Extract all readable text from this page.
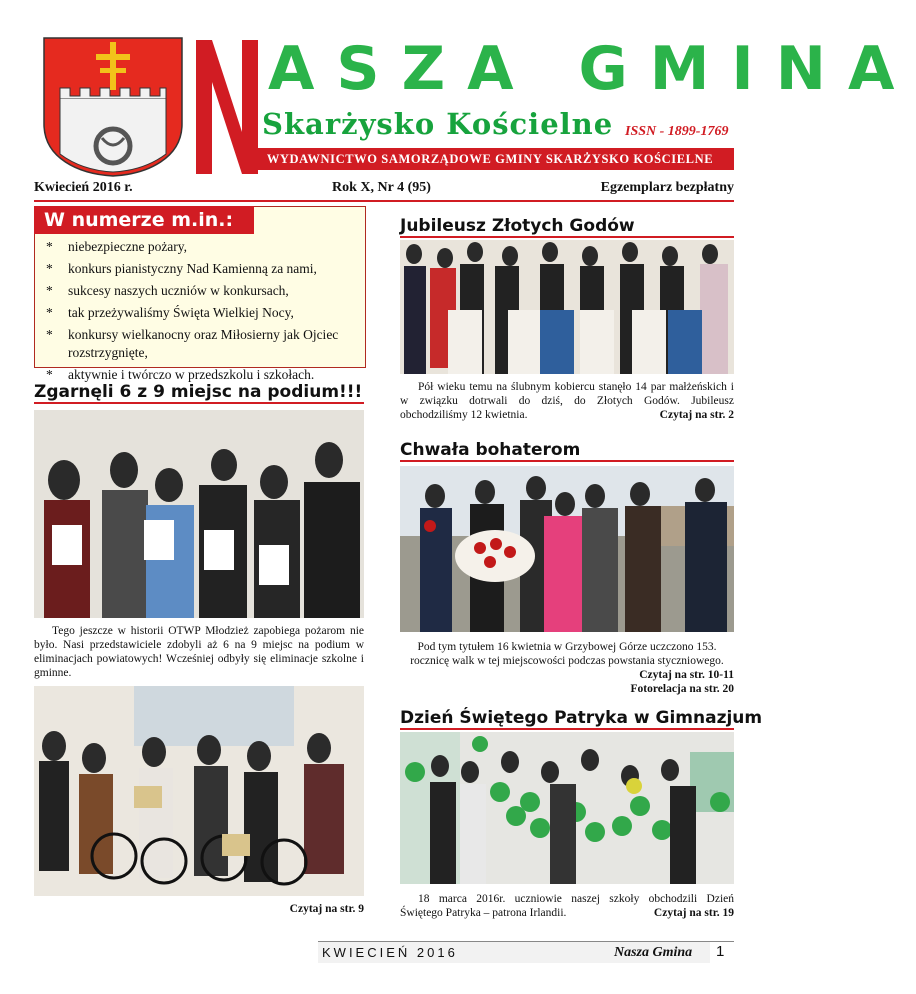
ASZA GMINA
Skarżysko Kościelne ISSN - 1899-1769
WYDAWNICTWO SAMORZĄDOWE GMINY SKARŻYSKO KOŚCIELNE
Kwiecień 2016 r.	Rok X, Nr 4 (95)	Egzemplarz bezpłatny
W numerze m.in.:
* niebezpieczne pożary,
* konkurs pianistyczny Nad Kamienną za nami,
* sukcesy naszych uczniów w konkursach,
* tak przeżywaliśmy Święta Wielkiej Nocy,
* konkursy wielkanocny oraz Miłosierny jak Ojciec rozstrzygnięte,
* aktywnie i twórczo w przedszkolu i szkołach.
Zgarnęli 6 z 9 miejsc na podium!!!
Tego jeszcze w historii OTWP Młodzież zapobiega pożarom nie było. Nasi przedstawiciele zdobyli aż 6 na 9 miejsc na podium w eliminacjach powiatowych! Wcześniej odbyły się eliminacje szkolne i gminne.
Czytaj na str. 9
Jubileusz Złotych Godów
Pół wieku temu na ślubnym kobiercu stanęło 14 par małżeńskich i w związku dotrwali do dziś, do Złotych Godów. Jubileusz obchodziliśmy 12 kwietnia.	Czytaj na str. 2
Chwała bohaterom
Pod tym tytułem 16 kwietnia w Grzybowej Górze uczczono 153. rocznicę walk w tej miejscowości podczas powstania styczniowego.
Czytaj na str. 10-11
Fotorelacja na str. 20
Dzień Świętego Patryka w Gimnazjum
18 marca 2016r. uczniowie naszej szkoły obchodzili Dzień Świętego Patryka – patrona Irlandii.	Czytaj na str. 19
KWIECIEŃ 2016	Nasza Gmina 1
